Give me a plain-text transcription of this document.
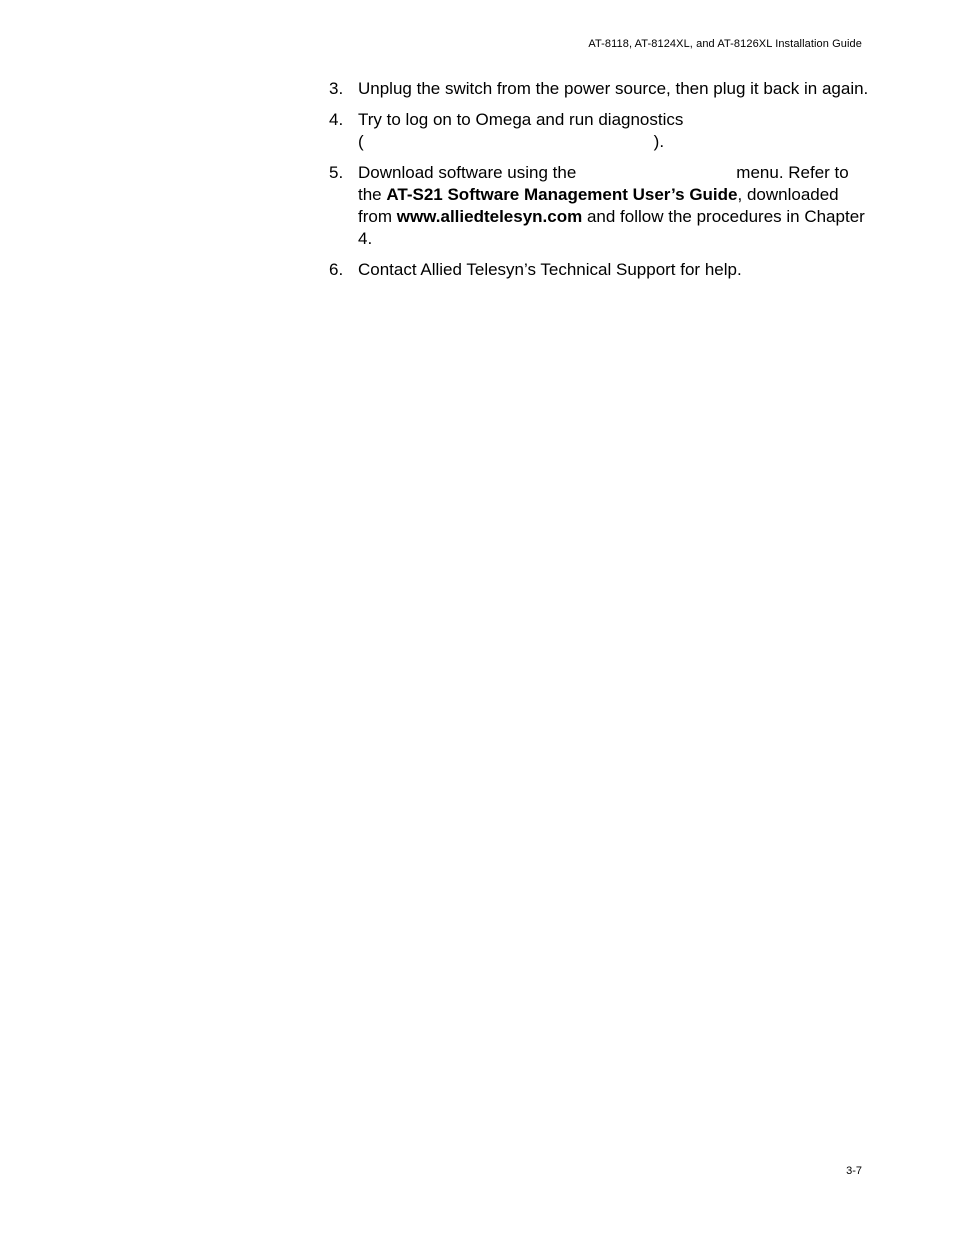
AT-8118, AT-8124XL, and AT-8126XL Installation Guide
3. Unplug the switch from the power source, then plug it back in again.
4. Try to log on to Omega and run diagnostics
(	).
5. Download software using the	menu. Refer to the AT-S21 Software Management User’s Guide, downloaded from www.alliedtelesyn.com and follow the procedures in Chapter 4.
6. Contact Allied Telesyn’s Technical Support for help.
3-7
